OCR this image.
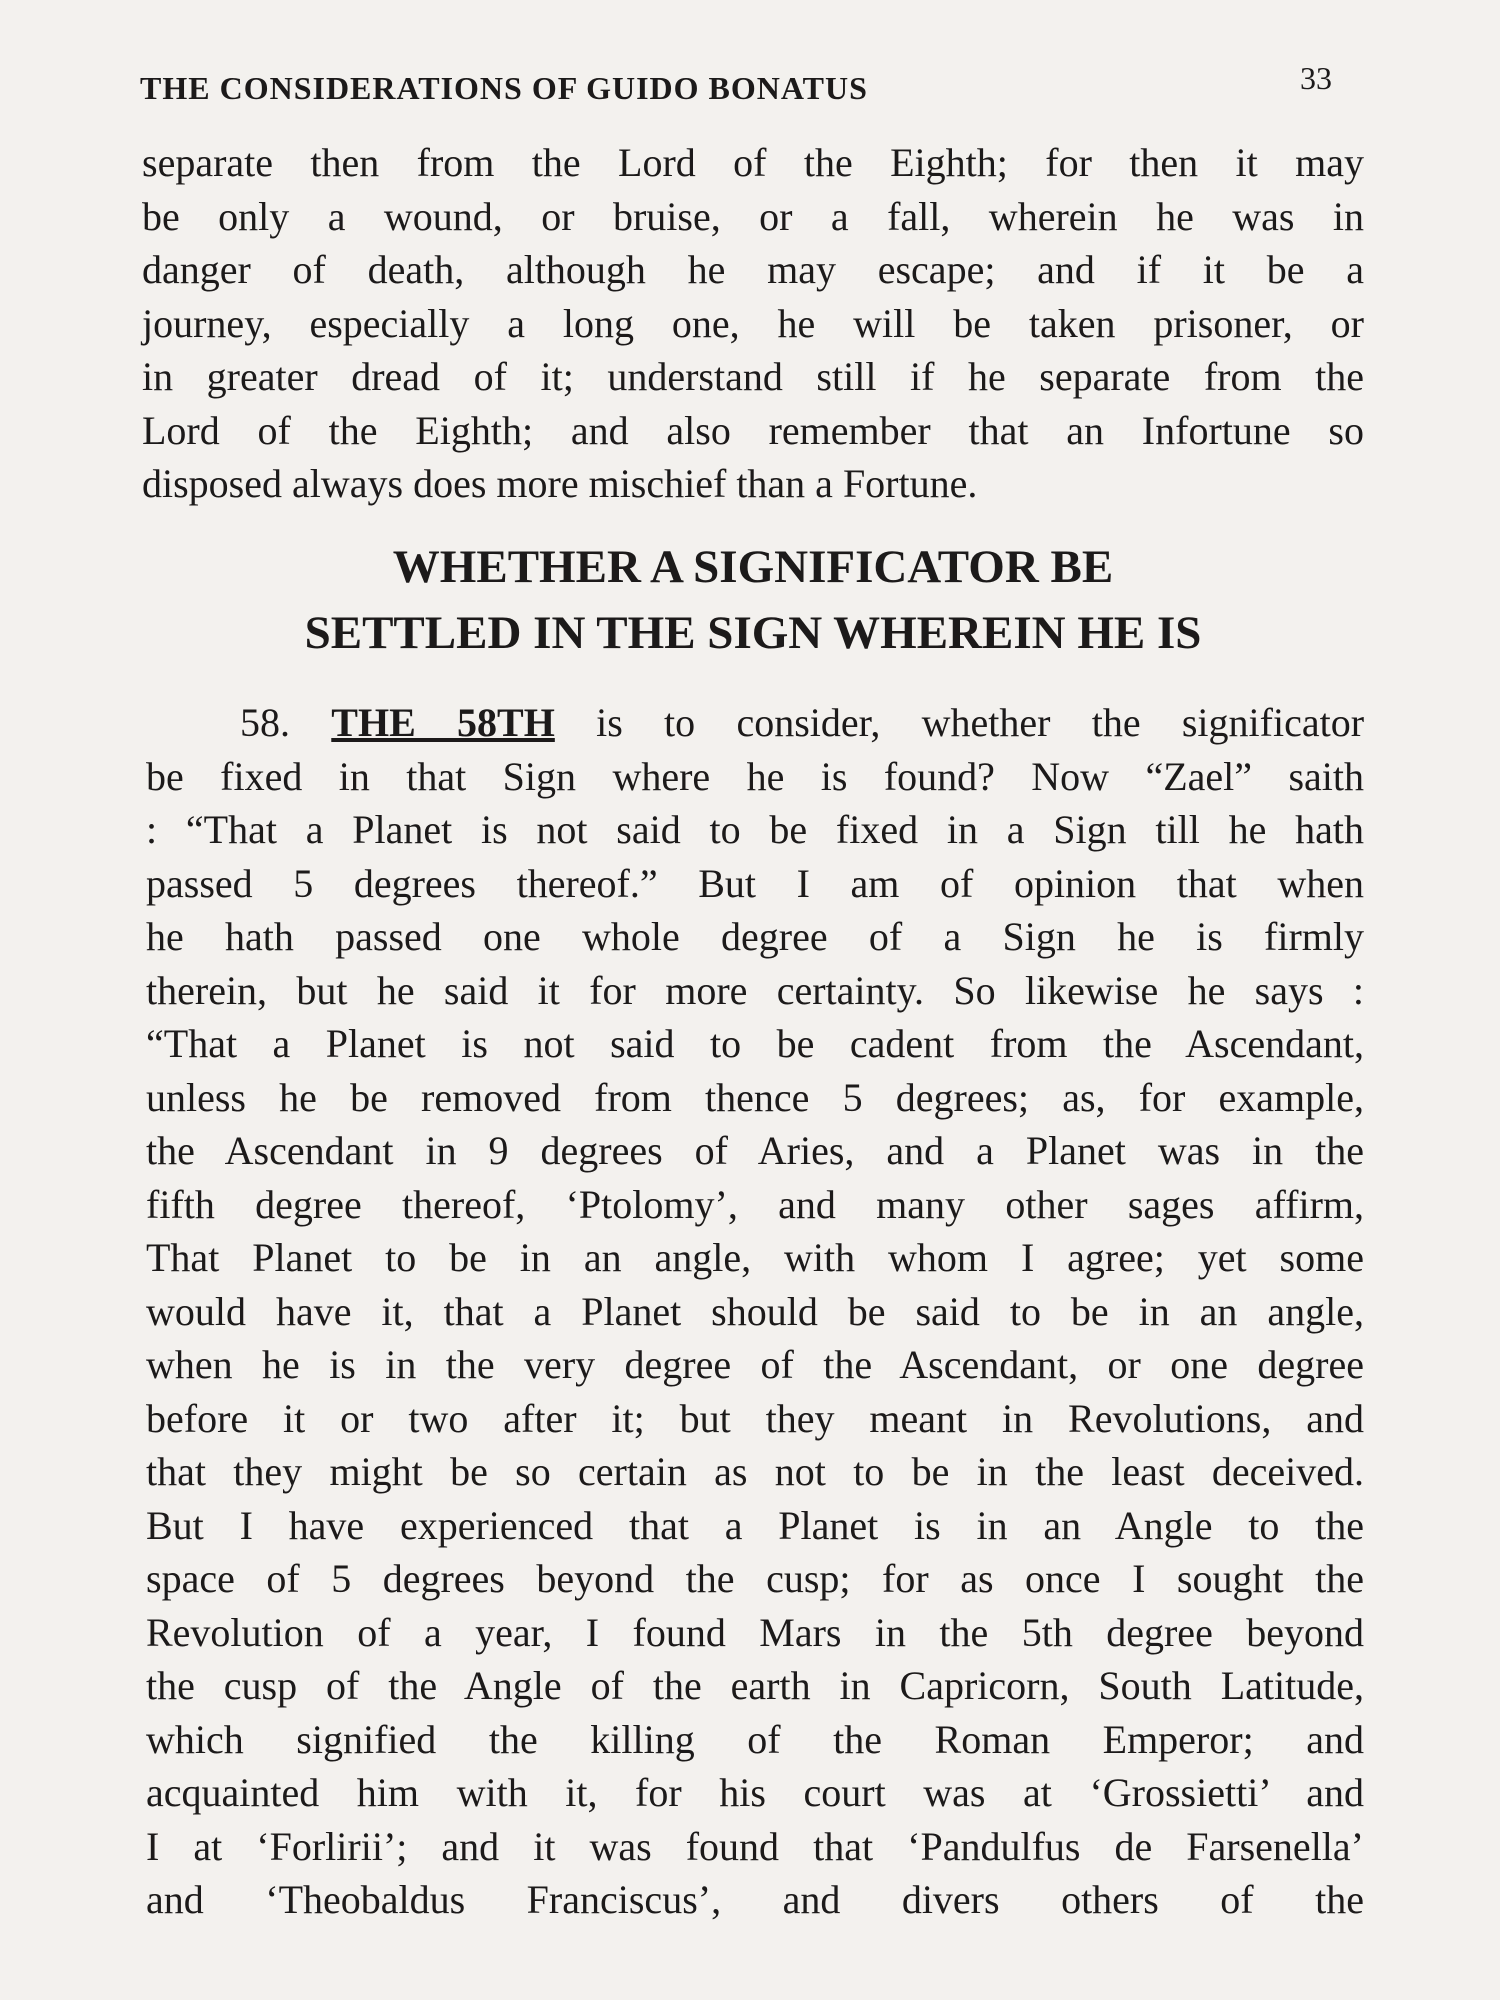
THE CONSIDERATIONS OF GUIDO BONATUS	33
separate then from the Lord of the Eighth; for then it may
be only a wound, or bruise, or a fall, wherein he was in
danger of death, although he may escape; and if it be a
journey, especially a long one, he will be taken prisoner, or
in greater dread of it; understand still if he separate from the
Lord of the Eighth; and also remember that an Infortune so
disposed always does more mischief than a Fortune.
WHETHER A SIGNIFICATOR BE
SETTLED IN THE SIGN WHEREIN HE IS
58. THE 58TH is to consider, whether the significator
be fixed in that Sign where he is found? Now “Zael” saith
: “That a Planet is not said to be fixed in a Sign till he hath
passed 5 degrees thereof.” But I am of opinion that when
he hath passed one whole degree of a Sign he is firmly
therein, but he said it for more certainty. So likewise he says :
“That a Planet is not said to be cadent from the Ascendant,
unless he be removed from thence 5 degrees; as, for example,
the Ascendant in 9 degrees of Aries, and a Planet was in the
fifth degree thereof, ‘Ptolomy’, and many other sages affirm,
That Planet to be in an angle, with whom I agree; yet some
would have it, that a Planet should be said to be in an angle,
when he is in the very degree of the Ascendant, or one degree
before it or two after it; but they meant in Revolutions, and
that they might be so certain as not to be in the least deceived.
But I have experienced that a Planet is in an Angle to the
space of 5 degrees beyond the cusp; for as once I sought the
Revolution of a year, I found Mars in the 5th degree beyond
the cusp of the Angle of the earth in Capricorn, South Latitude,
which signified the killing of the Roman Emperor; and
acquainted him with it, for his court was at ‘Grossietti’ and
I at ‘Forlirii’; and it was found that ‘Pandulfus de Farsenella’
and ‘Theobaldus Franciscus’, and divers others of the
